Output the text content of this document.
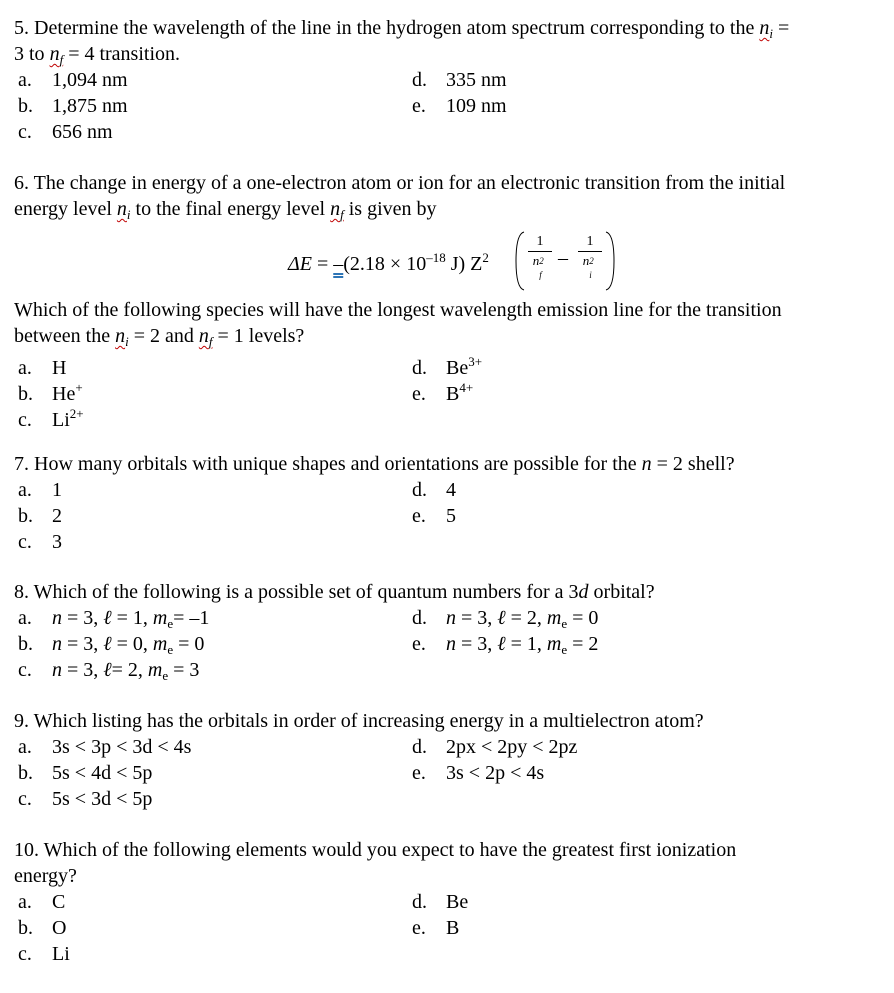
5. Determine the wavelength of the line in the hydrogen atom spectrum corresponding to the $n_i$ =
3 to $n_f = 4$ transition.
a. 1,094 nm
b. 1,875 nm
c. 656 nm
d. 335 nm
e. 109 nm
6. The change in energy of a one-electron atom or ion for an electronic transition from the initial
energy level $n_i$ to the final energy level $n_f$ is given by
$\Delta E = -(2.18 \times 10^{-18}$ J) $Z^2$
1
n 2
f
–
1
n 2
i
Which of the following species will have the longest wavelength emission line for the transition
between the $n_i = 2$ and $n_f = 1$ levels?
a. H
b. He+
c. $Li^{2+}$
d. $Be^{3+}$
e. $B^{4+}$
7. How many orbitals with unique shapes and orientations are possible for the n = 2 shell?
a. 1
b. 2
c. 3
d. 4
e. 5
8. Which of the following is a possible set of quantum numbers for a 3d orbital?
a. n = 3, ℓ = 1, $m_e= -1$
b. n = 3, ℓ = 0, $m_e = 0$
c. n = 3, ℓ= 2, $m_e = 3$
d. n = 3, ℓ = 2, $m_e = 0$
e. n = 3, ℓ = 1, $m_e = 2$
9. Which listing has the orbitals in order of increasing energy in a multielectron atom?
a. 3s < 3p < 3d < 4s
b. 5s < 4d < 5p
c. 5s < 3d < 5p
d. 2px < 2py < 2pz
e. 3s < 2p < 4s
10. Which of the following elements would you expect to have the greatest first ionization
energy?
a. C
b. O
c. Li
d. Be
e. B
